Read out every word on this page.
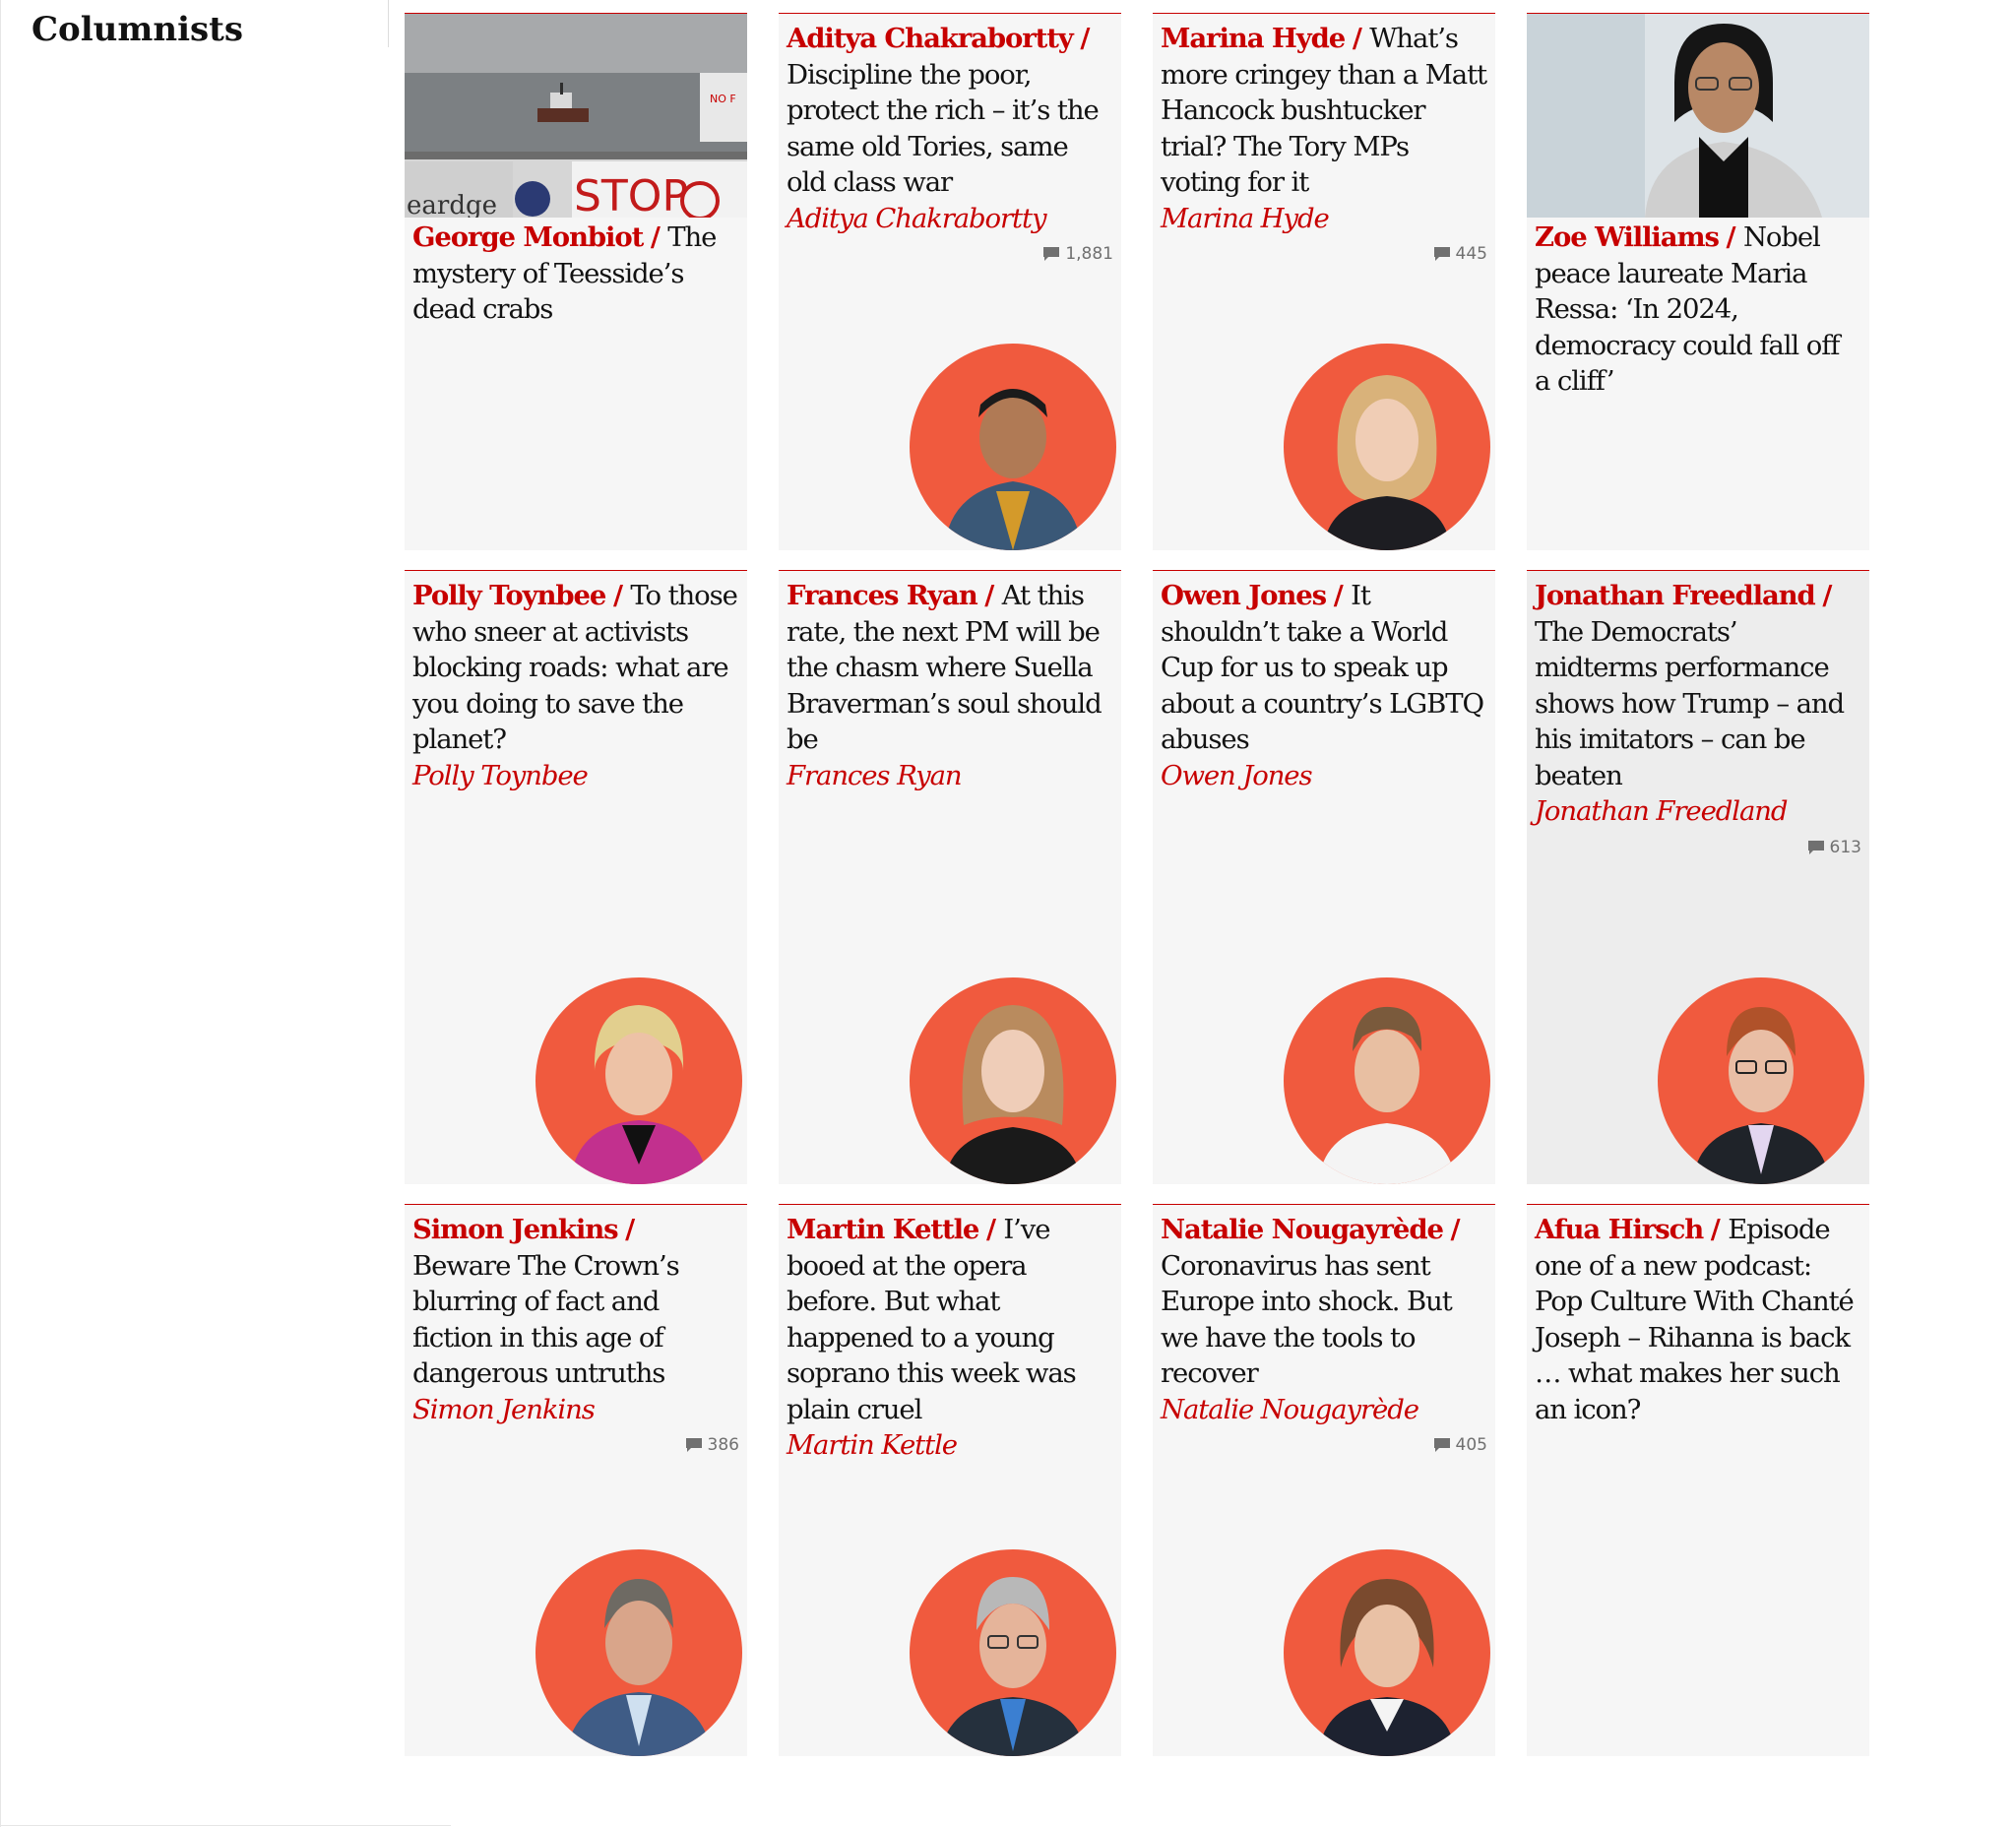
Columnists
NO F
STOP
eardge
George Monbiot / The mystery of Teesside’s dead crabs
Aditya Chakrabortty / Discipline the poor, protect the rich – it’s the same old Tories, same old class war
Aditya Chakrabortty
1,881
Marina Hyde / What’s more cringey than a Matt Hancock bushtucker trial? The Tory MPs voting for it
Marina Hyde
445
Zoe Williams / Nobel peace laureate Maria Ressa: ‘In 2024, democracy could fall off a cliff’
Polly Toynbee / To those who sneer at activists blocking roads: what are you doing to save the planet?
Polly Toynbee
Frances Ryan / At this rate, the next PM will be the chasm where Suella Braverman’s soul should be
Frances Ryan
Owen Jones / It shouldn’t take a World Cup for us to speak up about a country’s LGBTQ abuses
Owen Jones
Jonathan Freedland / The Democrats’ midterms performance shows how Trump – and his imitators – can be beaten
Jonathan Freedland
613
Simon Jenkins / Beware The Crown’s blurring of fact and fiction in this age of dangerous untruths
Simon Jenkins
386
Martin Kettle / I’ve booed at the opera before. But what happened to a young soprano this week was plain cruel
Martin Kettle
Natalie Nougayrède / Coronavirus has sent Europe into shock. But we have the tools to recover
Natalie Nougayrède
405
Afua Hirsch / Episode one of a new podcast: Pop Culture With Chanté Joseph – Rihanna is back … what makes her such an icon?
